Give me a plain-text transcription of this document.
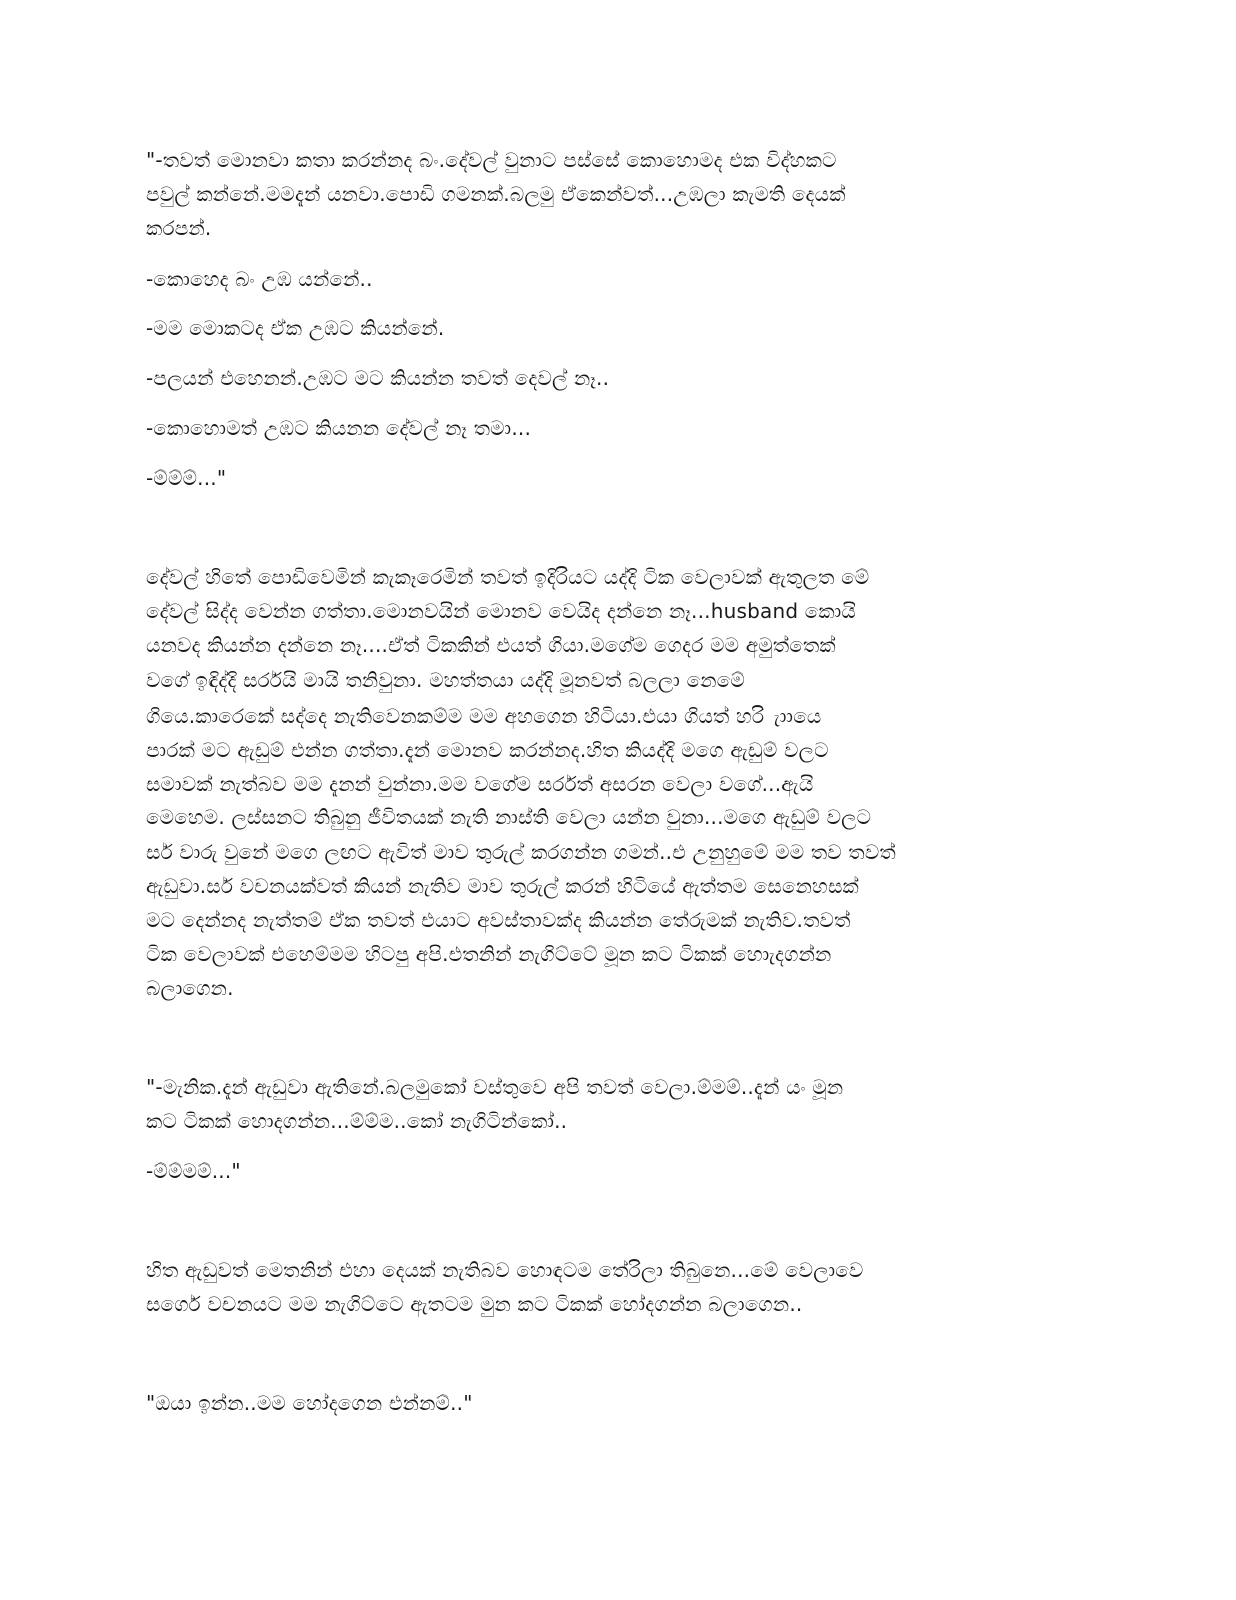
"-තවත් මොනවා කතා කරන්නද බං.දේවල් වුනාට පස්සේ කොහොමද එක විද්හකට
පවුල් කන්නේ.මමදැන් යනවා.පොඩි ගමනක්.බලමු ඒකෙන්වත්...උඹලා කැමති දෙයක්
කරපන්.
-කොහෙද බං උඹ යන්නේ..
-මම මොකටද ඒක උඹට කියන්නේ.
-පලයන් එහෙනන්.උඹට මට කියන්න තවත් දෙවල් නෑ..
-කොහොමත් උඹට කියනන දේවල් නෑ තමා...
-ම්ම්ම්..."
දේවල් හිතේ පොඩිවෙමින් කැකෑරෙමින් තවත් ඉදිරියට යද්දි ටික වෙලාවක් ඇතුලත මේ
දේවල් සිද්ද වෙන්න ගත්තා.මොනවයින් මොනව වෙයිද දන්නෙ නෑ...husband කොයි
යනවද කියන්න දන්නෙ නෑ....ඒත් ටිකකින් එයත් ගියා.මගේම ගෙදර මම අමුත්තෙක්
වගේ ඉඳිද්දි සර්රයි මායි තනිවුනා. මහත්තයා යද්දි මූනවත් බලලා නෙමේ
ගියෙ.කාරෙකේ සද්දෙ නැතිවෙනකම්ම මම අහගෙන හිටියා.එයා ගියත් හරි ැාායෙ
පාරක් මට ඇඩුම් එන්න ගත්තා.දැන් මොනව කරන්නද.හිත කියද්දි මගෙ ඇඩුම් වලට
සමාවක් නැත්බව මම දැනන් වුන්නා.මම වගේම සර්රත් අසරන වෙලා වගේ...ඇයි
මෙහෙම. ලස්සනට තිබුනු ජීවිතයක් නැති නාස්ති වෙලා යන්න වුනා...මගෙ ඇඩුම් වලට
සර් වාරු වුනේ මගෙ ලඟට ඇවිත් මාව තුරුල් කරගන්න ගමන්..එ උනුහුමේ මම තව තවත්
ඇඩුවා.සර් වචනයක්වත් කියන් නැතිව මාව තුරුල් කරන් හිටියේ ඇත්තම සෙනෙහසක්
මට දෙන්නද නැත්තම් ඒක තවත් එයාට අවස්තාවක්ද කියන්න තේරුමක් නැතිව.තවත්
ටික වෙලාවක් එහෙම්මම හිටපු අපි.එතනින් නැගිට්ටේ මූන කට ටිකක් හොැදගන්න
බලාගෙන.
"-මැනික.දැන් ඇඩුවා ඇතිනේ.බලමුකෝ වස්තුවෙ අපි තවත් වෙලා.ම්මම්..දැන් යං මූන
කට ටිකක් හොදගන්න...ම්ම්ම..කෝ නැගිටින්කෝ..
-ම්ම්මම්..."
හිත ඇඩුවත් මෙතනින් එහා දෙයක් නැතිබව හොඳටම තේරිලා තිබුනෙ...මේ වෙලාවෙ
සර්ගෙ වචනයට මම නැගිට්ටෙ ඇතටම මුන කට ටිකක් හෝදගන්න බලාගෙන..
"ඔයා ඉන්න..මම හෝදගෙන එන්නම්.."
